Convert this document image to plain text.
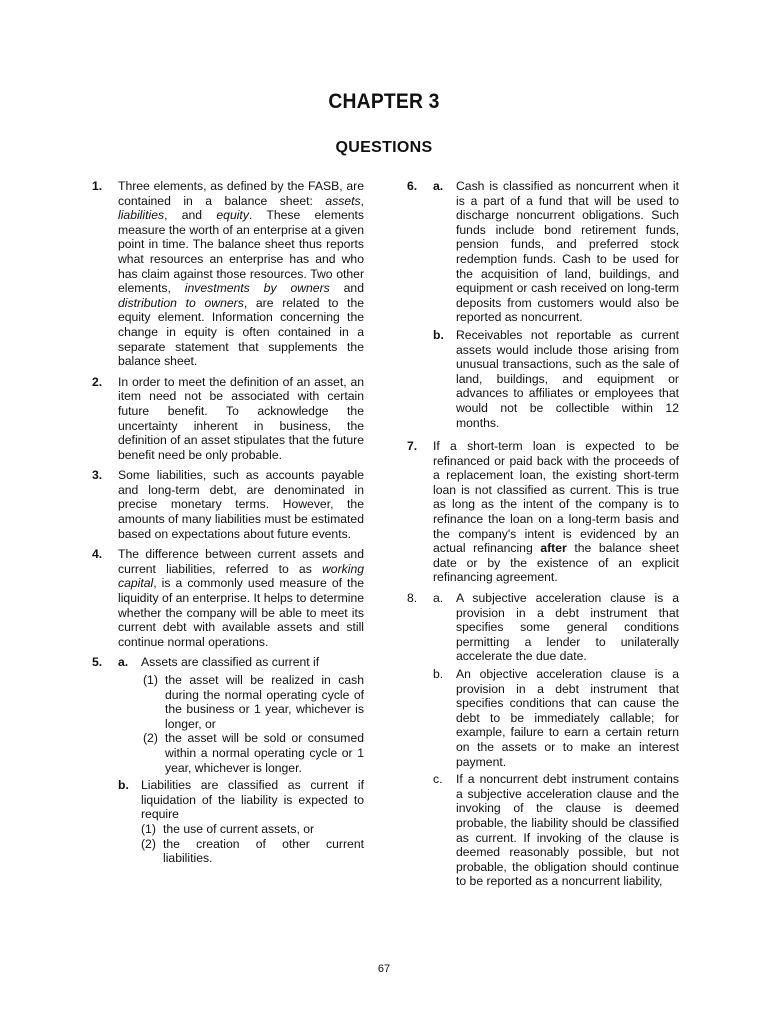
CHAPTER 3
QUESTIONS
1.	Three elements, as defined by the FASB, are contained in a balance sheet: assets, liabilities, and equity. These elements measure the worth of an enterprise at a given point in time. The balance sheet thus reports what resources an enterprise has and who has claim against those resources. Two other elements, investments by owners and distribution to owners, are related to the equity element. Information concerning the change in equity is often contained in a separate statement that supplements the balance sheet.
2.	In order to meet the definition of an asset, an item need not be associated with certain future benefit. To acknowledge the uncertainty inherent in business, the definition of an asset stipulates that the future benefit need be only probable.
3.	Some liabilities, such as accounts payable and long-term debt, are denominated in precise monetary terms. However, the amounts of many liabilities must be estimated based on expectations about future events.
4.	The difference between current assets and current liabilities, referred to as working capital, is a commonly used measure of the liquidity of an enterprise. It helps to determine whether the company will be able to meet its current debt with available assets and still continue normal operations.
5.	a.	Assets are classified as current if
(1) the asset will be realized in cash during the normal operating cycle of the business or 1 year, whichever is longer, or
(2) the asset will be sold or consumed within a normal operating cycle or 1 year, whichever is longer.
b. Liabilities are classified as current if liquidation of the liability is expected to require
(1) the use of current assets, or
(2) the creation of other current liabilities.
6.	a.	Cash is classified as noncurrent when it is a part of a fund that will be used to discharge noncurrent obligations. Such funds include bond retirement funds, pension funds, and preferred stock redemption funds. Cash to be used for the acquisition of land, buildings, and equipment or cash received on long-term deposits from customers would also be reported as noncurrent.
b. Receivables not reportable as current assets would include those arising from unusual transactions, such as the sale of land, buildings, and equipment or advances to affiliates or employees that would not be collectible within 12 months.
7.	If a short-term loan is expected to be refinanced or paid back with the proceeds of a replacement loan, the existing short-term loan is not classified as current. This is true as long as the intent of the company is to refinance the loan on a long-term basis and the company's intent is evidenced by an actual refinancing after the balance sheet date or by the existence of an explicit refinancing agreement.
8.	a.	A subjective acceleration clause is a provision in a debt instrument that specifies some general conditions permitting a lender to unilaterally accelerate the due date.
b.	An objective acceleration clause is a provision in a debt instrument that specifies conditions that can cause the debt to be immediately callable; for example, failure to earn a certain return on the assets or to make an interest payment.
c.	If a noncurrent debt instrument contains a subjective acceleration clause and the invoking of the clause is deemed probable, the liability should be classified as current. If invoking of the clause is deemed reasonably possible, but not probable, the obligation should continue to be reported as a noncurrent liability,
67
